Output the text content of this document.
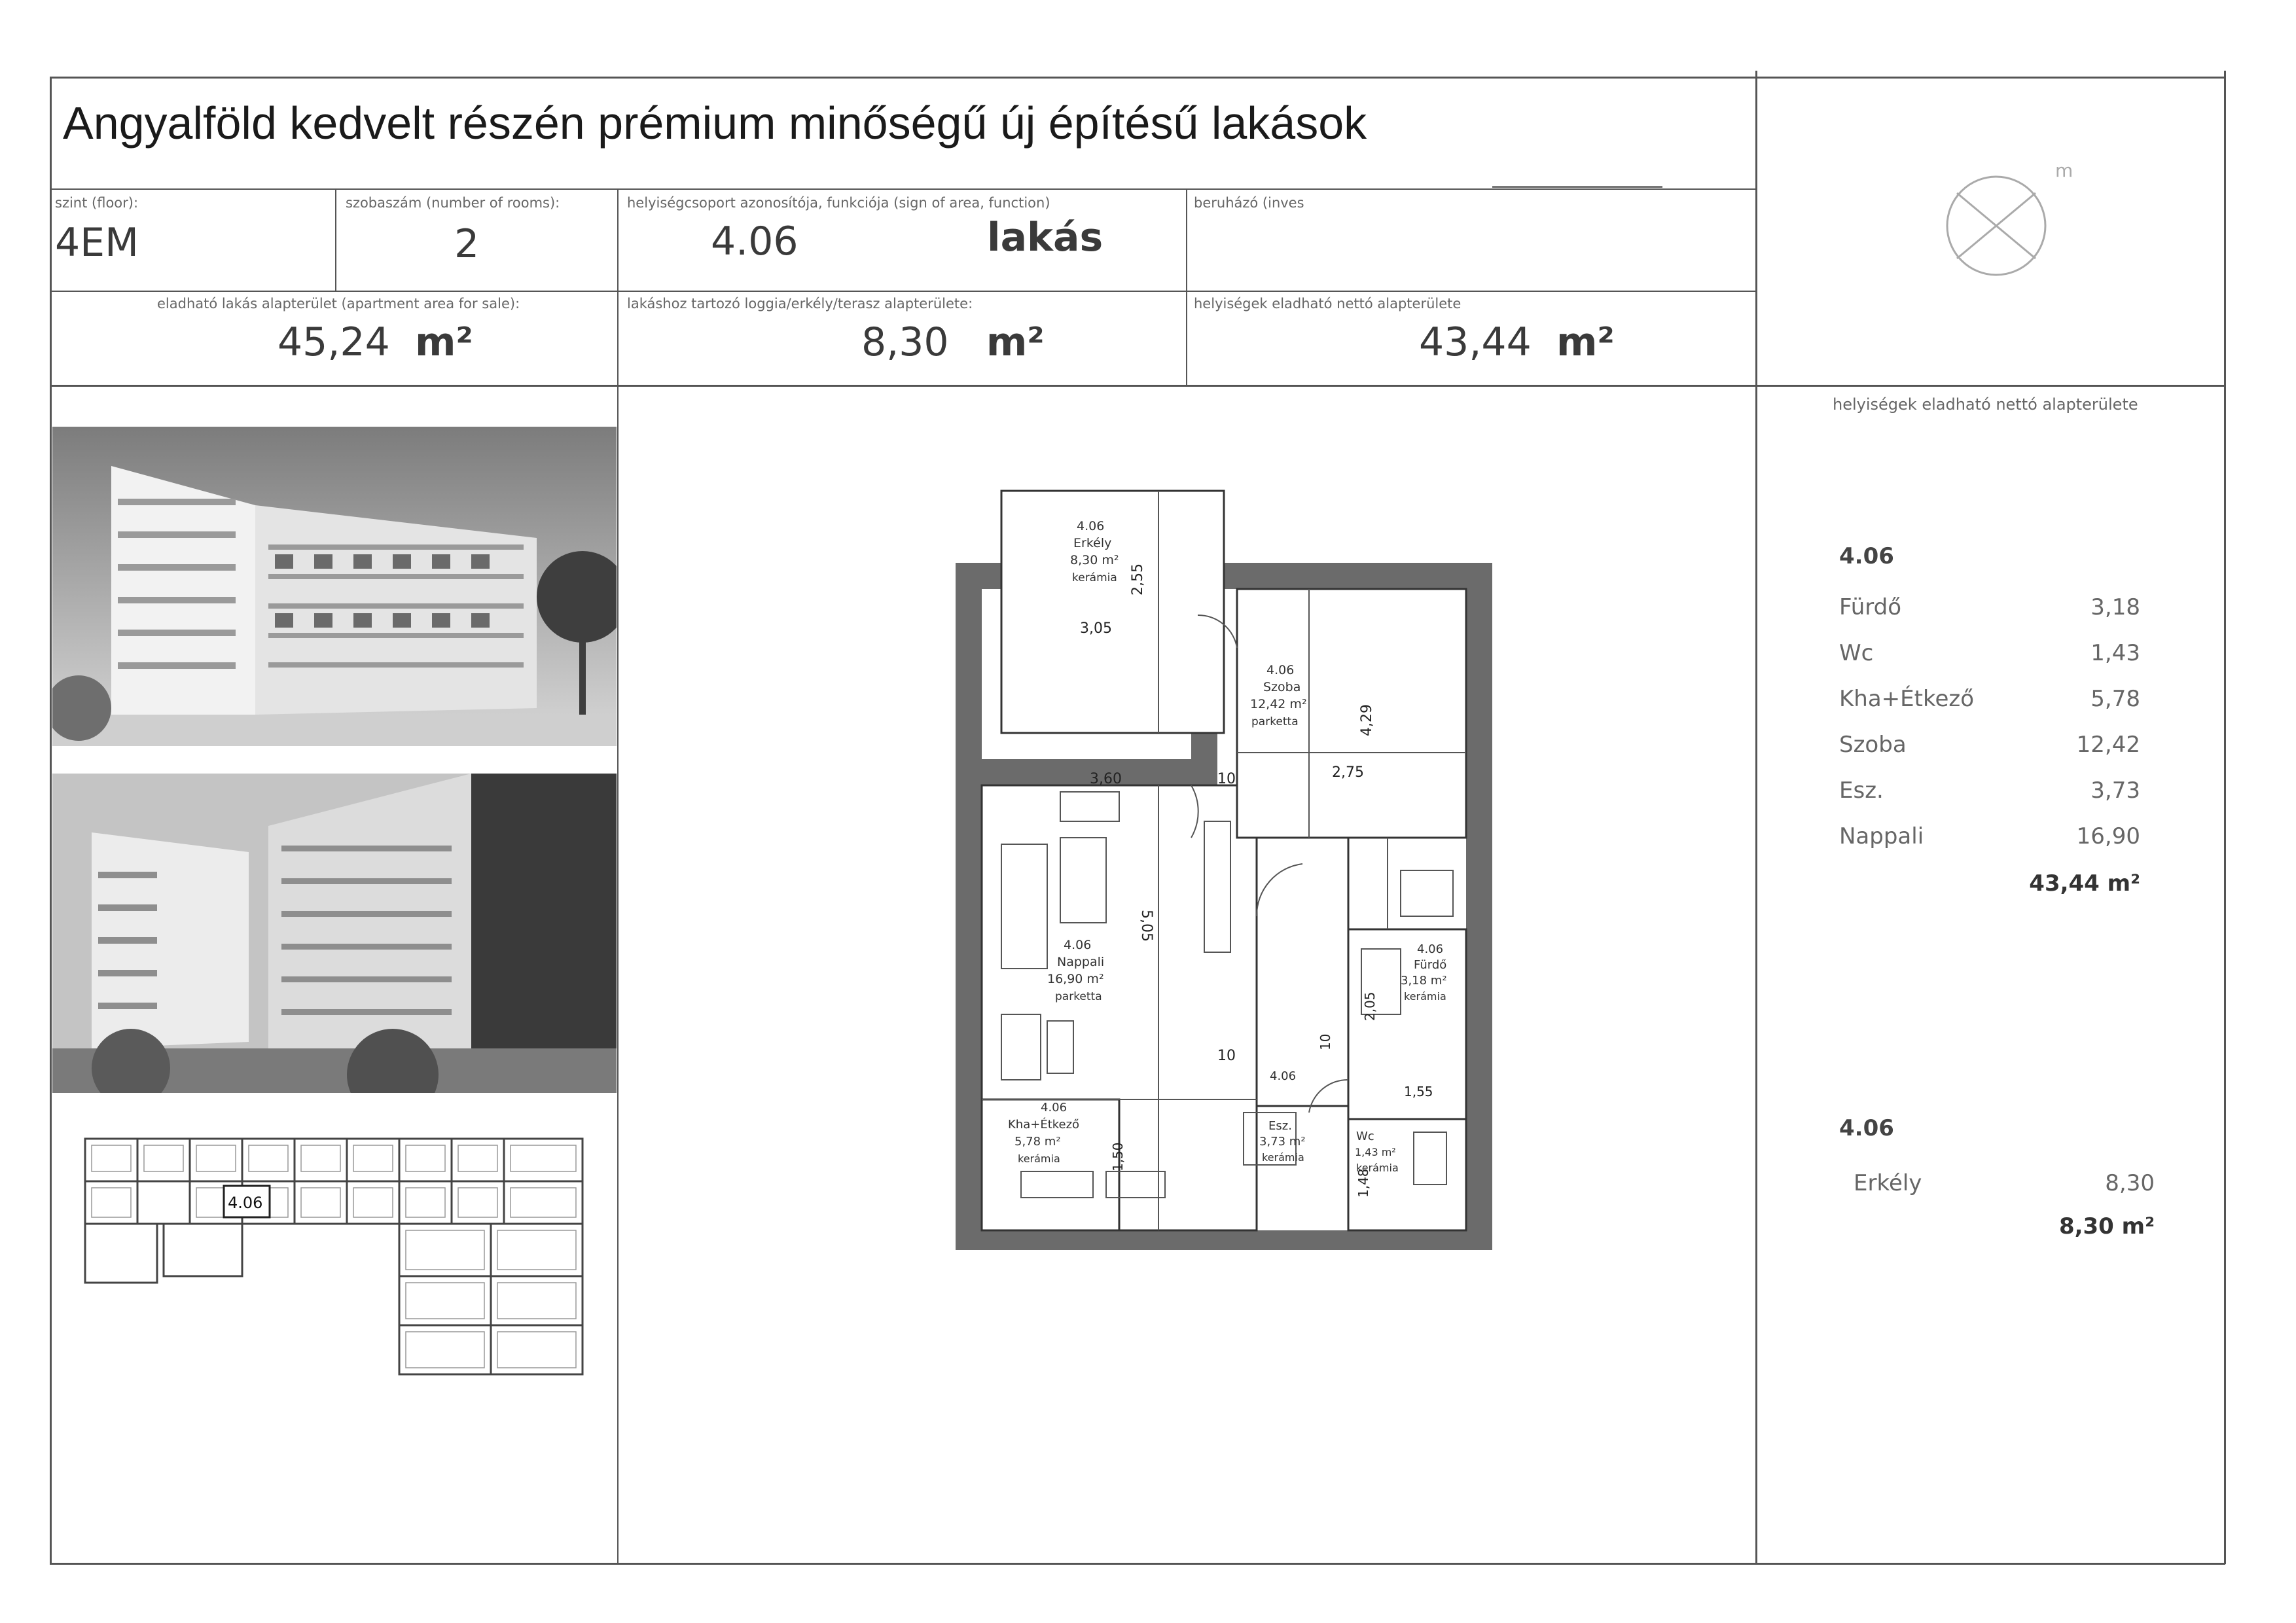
Angyalföld kedvelt részén prémium minőségű új építésű lakások
szint (floor):
4EM
szobaszám (number of rooms):
2
helyiségcsoport azonosítója, funkciója (sign of area, function)
4.06	lakás
beruházó (inves
eladható lakás alapterület (apartment area for sale):
45,24 m²
lakáshoz tartozó loggia/erkély/terasz alapterülete:
8,30 m²
helyiségek eladható nettó alapterülete
43,44 m²
m
helyiségek eladható nettó alapterülete
4.06
Fürdő	3,18
Wc	1,43
Kha+Étkező	5,78
Szoba	12,42
Esz.	3,73
Nappali	16,90
43,44 m²
4.06
Erkély	8,30
8,30 m²
4.06
4.06
Erkély
8,30 m²
kerámia
3,05
2,55
4.06
Szoba
12,42 m²
parketta
2,75
4,29
4.06
Nappali
16,90 m²
parketta
3,60
5,05
4.06
Fürdő
3,18 m²
kerámia
1,55
2,05
4.06
Esz.
3,73 m²
kerámia
Wc
1,43 m²
kerámia
1,48
4.06
Kha+Étkező
5,78 m²
kerámia	1,50
10
10
10
